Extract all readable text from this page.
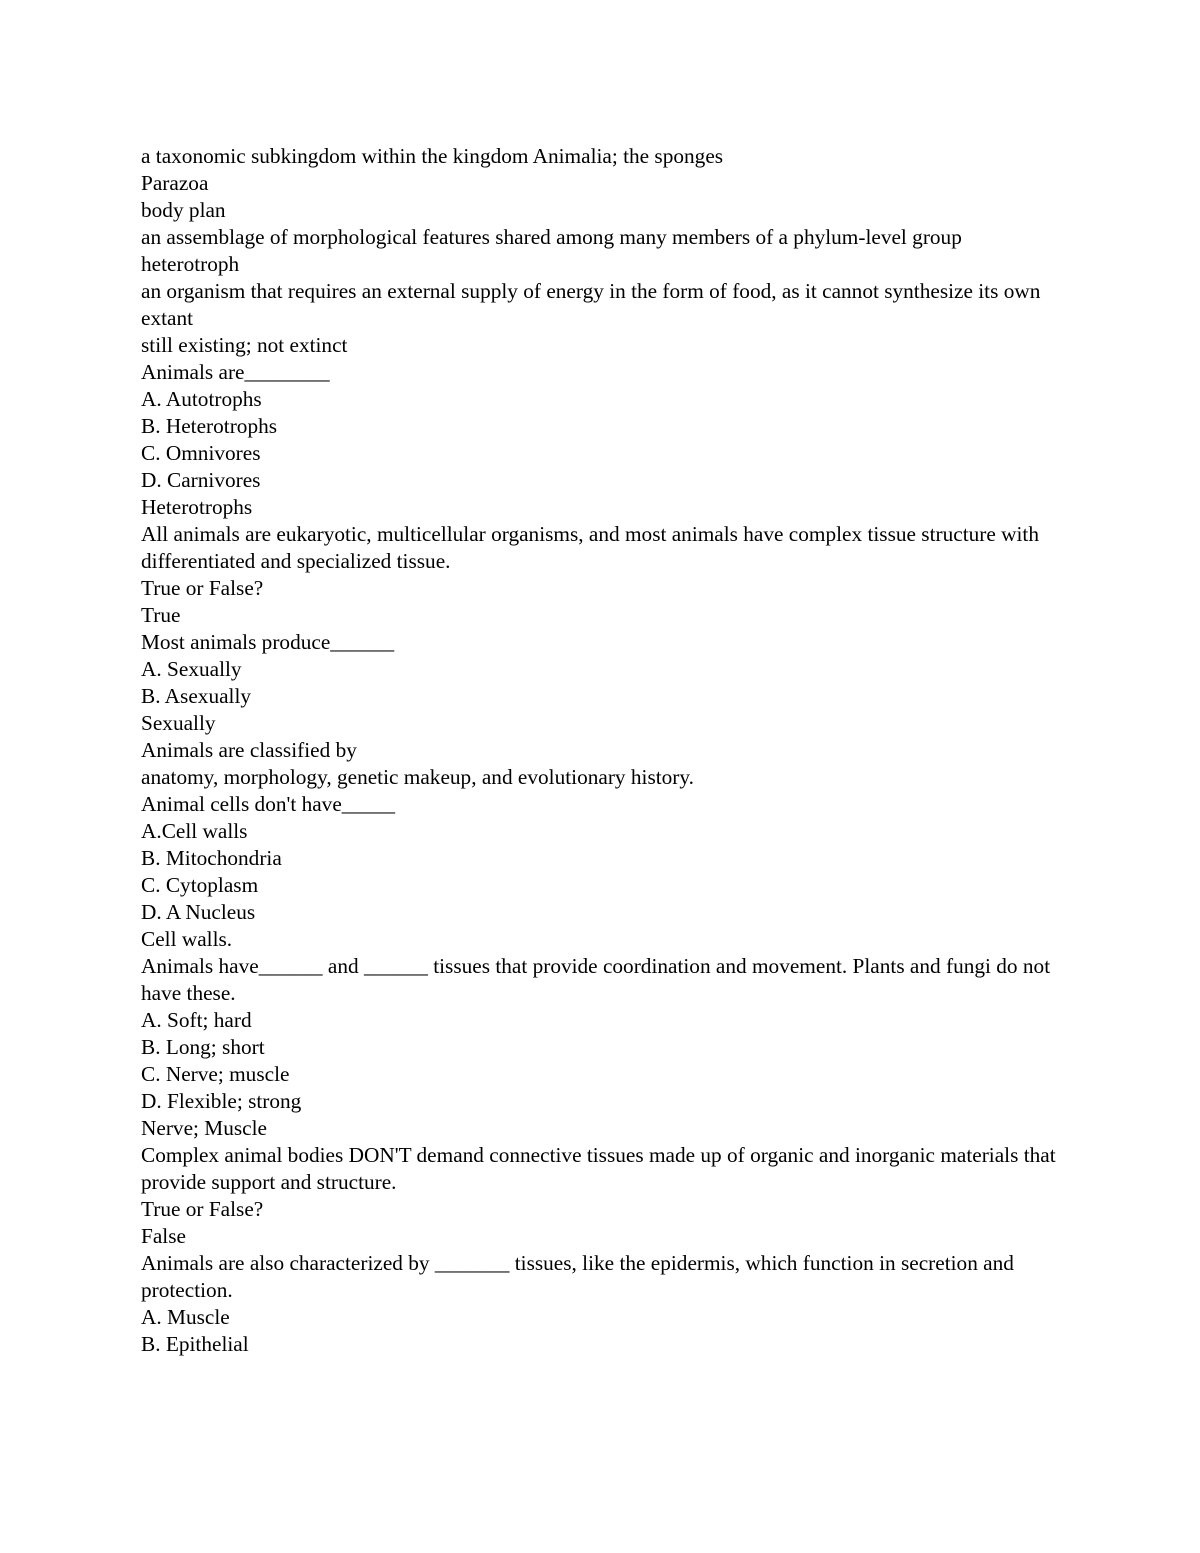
a taxonomic subkingdom within the kingdom Animalia; the sponges

Parazoa

body plan

an assemblage of morphological features shared among many members of a phylum-level group

heterotroph

an organism that requires an external supply of energy in the form of food, as it cannot synthesize its own

extant

still existing; not extinct

Animals are________

A. Autotrophs

B. Heterotrophs

C. Omnivores

D. Carnivores

Heterotrophs

All animals are eukaryotic, multicellular organisms, and most animals have complex tissue structure with differentiated and specialized tissue.

True or False?

True

Most animals produce______

A. Sexually

B. Asexually

Sexually

Animals are classified by

anatomy, morphology, genetic makeup, and evolutionary history.

Animal cells don't have_____

A.Cell walls

B. Mitochondria

C. Cytoplasm

D. A Nucleus

Cell walls.

Animals have______ and ______ tissues that provide coordination and movement. Plants and fungi do not have these.

A. Soft; hard

B. Long; short

C. Nerve; muscle

D. Flexible; strong

Nerve; Muscle

Complex animal bodies DON'T demand connective tissues made up of organic and inorganic materials that provide support and structure.

True or False?

False

Animals are also characterized by _______ tissues, like the epidermis, which function in secretion and protection.

A. Muscle

B. Epithelial
